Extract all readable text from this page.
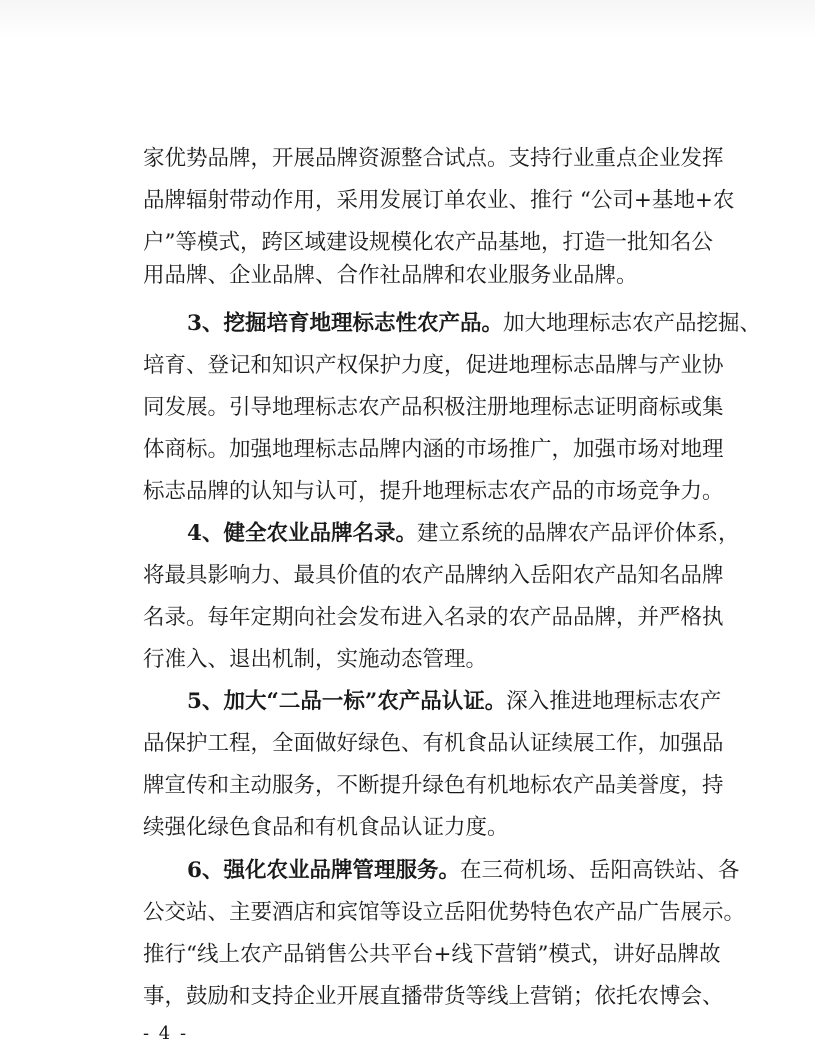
家优势品牌，开展品牌资源整合试点。支持行业重点企业发挥
品牌辐射带动作用，采用发展订单农业、推行 “公司+基地+农
户”等模式，跨区域建设规模化农产品基地，打造一批知名公
用品牌、企业品牌、合作社品牌和农业服务业品牌。
3、挖掘培育地理标志性农产品。加大地理标志农产品挖掘、
培育、登记和知识产权保护力度，促进地理标志品牌与产业协
同发展。引导地理标志农产品积极注册地理标志证明商标或集
体商标。加强地理标志品牌内涵的市场推广，加强市场对地理
标志品牌的认知与认可，提升地理标志农产品的市场竞争力。
4、健全农业品牌名录。建立系统的品牌农产品评价体系，
将最具影响力、最具价值的农产品牌纳入岳阳农产品知名品牌
名录。每年定期向社会发布进入名录的农产品品牌，并严格执
行准入、退出机制，实施动态管理。
5、加大“二品一标”农产品认证。深入推进地理标志农产
品保护工程，全面做好绿色、有机食品认证续展工作，加强品
牌宣传和主动服务，不断提升绿色有机地标农产品美誉度，持
续强化绿色食品和有机食品认证力度。
6、强化农业品牌管理服务。在三荷机场、岳阳高铁站、各
公交站、主要酒店和宾馆等设立岳阳优势特色农产品广告展示。
推行“线上农产品销售公共平台+线下营销”模式，讲好品牌故
事，鼓励和支持企业开展直播带货等线上营销；依托农博会、
- 4 -
